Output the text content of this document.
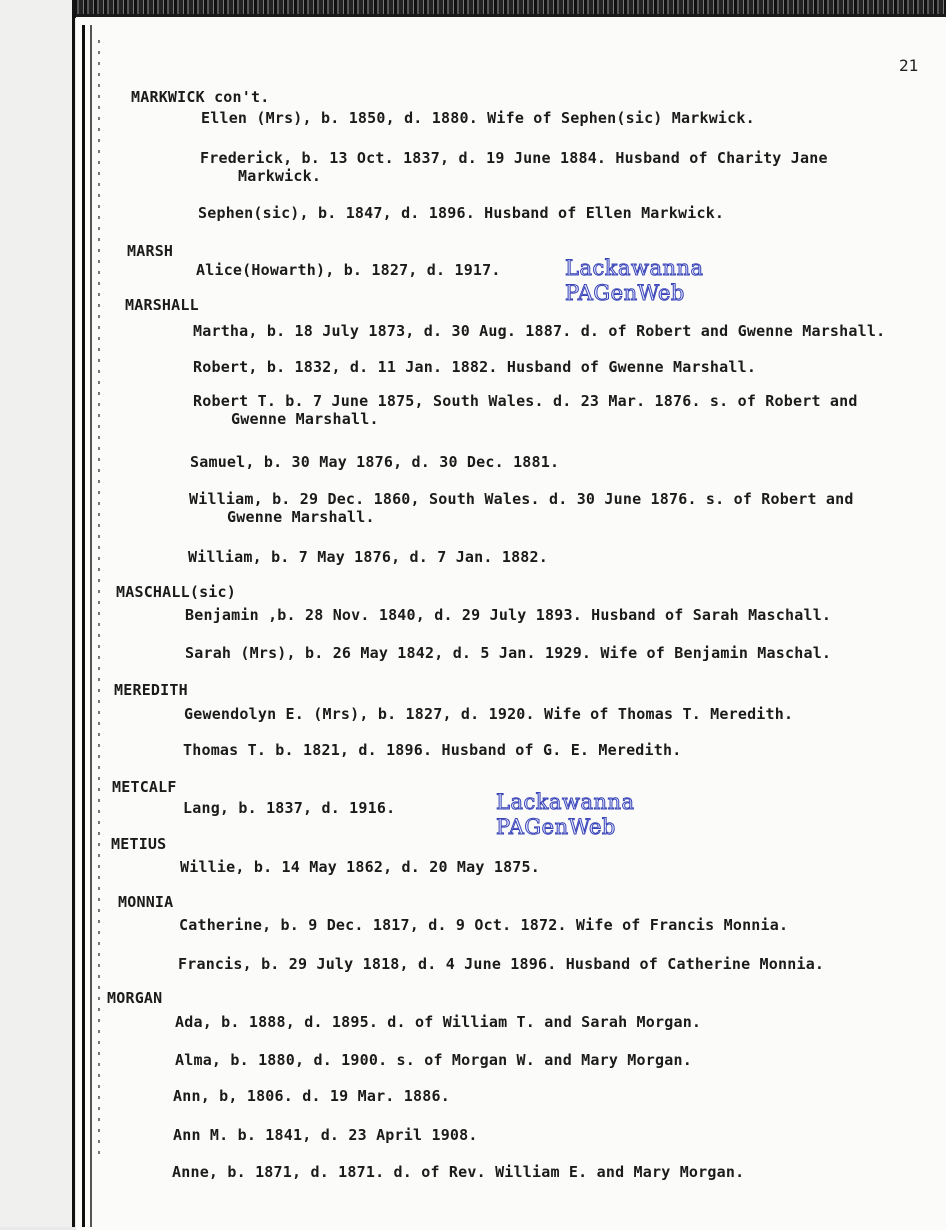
21
MARKWICK con't.
Ellen (Mrs), b. 1850, d. 1880. Wife of Sephen(sic) Markwick.
Frederick, b. 13 Oct. 1837, d. 19 June 1884. Husband of Charity Jane
Markwick.
Sephen(sic), b. 1847, d. 1896. Husband of Ellen Markwick.
MARSH
Alice(Howarth), b. 1827, d. 1917.	Lackawanna
PAGenWeb
MARSHALL
Martha, b. 18 July 1873, d. 30 Aug. 1887. d. of Robert and Gwenne Marshall.
Robert, b. 1832, d. 11 Jan. 1882. Husband of Gwenne Marshall.
Robert T. b. 7 June 1875, South Wales. d. 23 Mar. 1876. s. of Robert and
Gwenne Marshall.
Samuel, b. 30 May 1876, d. 30 Dec. 1881.
William, b. 29 Dec. 1860, South Wales. d. 30 June 1876. s. of Robert and
Gwenne Marshall.
William, b. 7 May 1876, d. 7 Jan. 1882.
MASCHALL(sic)
Benjamin ,b. 28 Nov. 1840, d. 29 July 1893. Husband of Sarah Maschall.
Sarah (Mrs), b. 26 May 1842, d. 5 Jan. 1929. Wife of Benjamin Maschal.
MEREDITH
Gewendolyn E. (Mrs), b. 1827, d. 1920. Wife of Thomas T. Meredith.
Thomas T. b. 1821, d. 1896. Husband of G. E. Meredith.
METCALF
Lang, b. 1837, d. 1916.	Lackawanna
PAGenWeb
METIUS
Willie, b. 14 May 1862, d. 20 May 1875.
MONNIA
Catherine, b. 9 Dec. 1817, d. 9 Oct. 1872. Wife of Francis Monnia.
Francis, b. 29 July 1818, d. 4 June 1896. Husband of Catherine Monnia.
MORGAN
Ada, b. 1888, d. 1895. d. of William T. and Sarah Morgan.
Alma, b. 1880, d. 1900. s. of Morgan W. and Mary Morgan.
Ann, b, 1806. d. 19 Mar. 1886.
Ann M. b. 1841, d. 23 April 1908.
Anne, b. 1871, d. 1871. d. of Rev. William E. and Mary Morgan.
